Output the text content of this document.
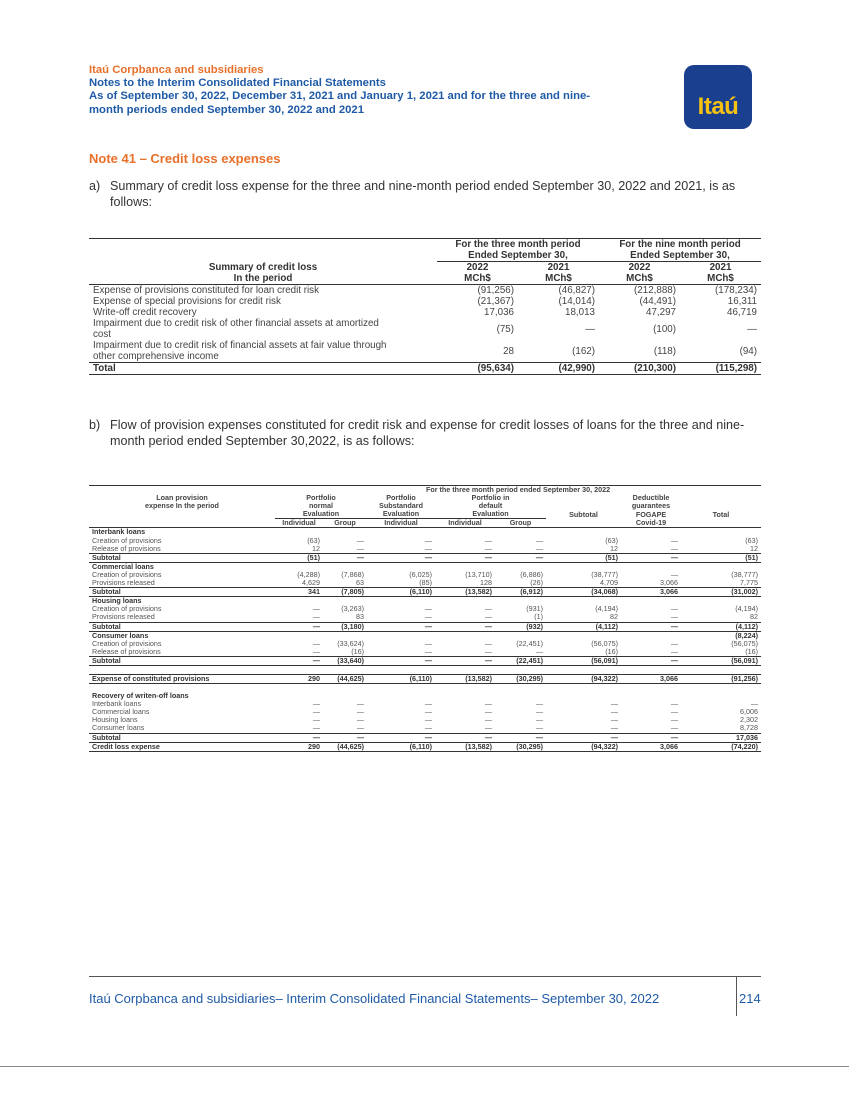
Itaú Corpbanca and subsidiaries
Notes to the Interim Consolidated Financial Statements
As of September 30, 2022, December 31, 2021 and January 1, 2021 and for the three and nine-
month periods ended September 30, 2022 and 2021	Itaú
Note 41 – Credit loss expenses
a) Summary of credit loss expense for the three and nine-month period ended September 30, 2022 and 2021, is as follows:
	For the three month period		For the nine month period	
	Ended September 30,		Ended September 30,	
Summary of credit loss	2022	2021	2022	2021
In the period	MCh$	MCh$	MCh$	MCh$
Expense of provisions constituted for loan credit risk	(91,256)	(46,827)	(212,888)	(178,234)
Expense of special provisions for credit risk	(21,367)	(14,014)	(44,491)	16,311
Write-off credit recovery	17,036	18,013	47,297	46,719

Impairment due to credit risk of other financial assets at amortized
cost	(75)	—	(100)	—

Impairment due to credit risk of financial assets at fair value through
other comprehensive income	28	(162)	(118)	(94)
Total	(95,634)	(42,990)	(210,300)	(115,298)
b) Flow of provision expenses constituted for credit risk and expense for credit losses of loans for the three and nine-month period ended September 30,2022, is as follows:
	For the three month period ended September 30, 2022							
Loan provision	Portfolio		Portfolio	Portfolio in			Deductible	
expense In the period	normal		Substandard	default			guarantees	
	Evaluation		Evaluation	Evaluation		Subtotal	FOGAPE	Total
	Individual	Group	Individual	Individual	Group		Covid-19	
Interbank loans								
Creation of provisions	(63)	—	—	—	—	(63)	—	(63)
Release of provisions	12	—	—	—	—	12	—	12
Subtotal	(51)	—	—	—	—	(51)	—	(51)
Commercial loans								
Creation of provisions	(4,288)	(7,868)	(6,025)	(13,710)	(6,886)	(38,777)	—	(38,777)
Provisions released	4,629	63	(85)	128	(26)	4,709	3,066	7,775
Subtotal	341	(7,805)	(6,110)	(13,582)	(6,912)	(34,068)	3,066	(31,002)
Housing loans								
Creation of provisions	—	(3,263)	—	—	(931)	(4,194)	—	(4,194)
Provisions released	—	83	—	—	(1)	82	—	82
Subtotal	—	(3,180)	—	—	(932)	(4,112)	—	(4,112)
Consumer loans								(8,224)
Creation of provisions	—	(33,624)	—	—	(22,451)	(56,075)	—	(56,075)
Release of provisions	—	(16)	—	—	—	(16)	—	(16)
Subtotal	—	(33,640)	—	—	(22,451)	(56,091)	—	(56,091)

Expense of constituted provisions	290	(44,625)	(6,110)	(13,582)	(30,295)	(94,322)	3,066	(91,256)

Recovery of writen-off loans								
Interbank loans	—	—	—	—	—	—	—	—
Commercial loans	—	—	—	—	—	—	—	6,006
Housing loans	—	—	—	—	—	—	—	2,302
Consumer loans	—	—	—	—	—	—	—	8,728
Subtotal	—	—	—	—	—	—	—	17,036
Credit loss expense	290	(44,625)	(6,110)	(13,582)	(30,295)	(94,322)	3,066	(74,220)
Itaú Corpbanca and subsidiaries– Interim Consolidated Financial Statements– September 30, 2022	214
